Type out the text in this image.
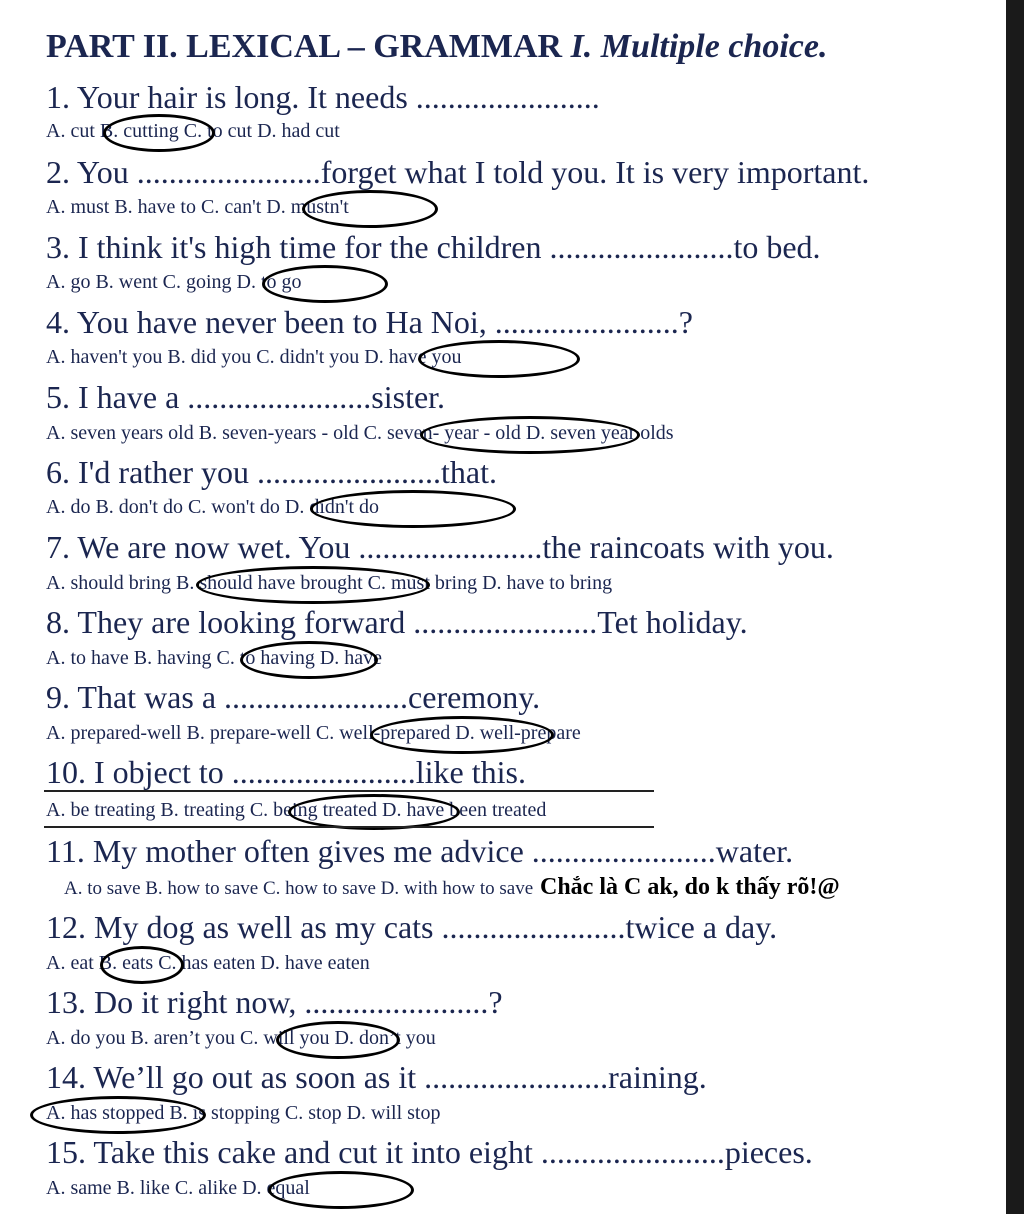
PART II. LEXICAL – GRAMMAR I. Multiple choice.
1. Your hair is long. It needs .......................
A. cut B. cutting C. to cut D. had cut
2. You .......................forget what I told you. It is very important.
A. must B. have to C. can't D. mustn't
3. I think it's high time for the children .......................to bed.
A. go B. went C. going D. to go
4. You have never been to Ha Noi, .......................?
A. haven't you B. did you C. didn't you D. have you
5. I have a .......................sister.
A. seven years old B. seven-years - old C. seven- year - old D. seven year olds
6. I'd rather you .......................that.
A. do B. don't do C. won't do D. didn't do
7. We are now wet. You .......................the raincoats with you.
A. should bring B. should have brought C. must bring D. have to bring
8. They are looking forward .......................Tet holiday.
A. to have B. having C. to having D. have
9. That was a .......................ceremony.
A. prepared-well B. prepare-well C. well-prepared D. well-prepare
10. I object to .......................like this.
A. be treating B. treating C. being treated D. have been treated
11. My mother often gives me advice .......................water.
A. to save B. how to save C. how to save D. with how to save Chắc là C ak, do k thấy rõ!@
12. My dog as well as my cats .......................twice a day.
A. eat B. eats C. has eaten D. have eaten
13. Do it right now, .......................?
A. do you B. aren’t you C. will you D. don’t you
14. We’ll go out as soon as it .......................raining.
A. has stopped B. is stopping C. stop D. will stop
15. Take this cake and cut it into eight .......................pieces.
A. same B. like C. alike D. equal
